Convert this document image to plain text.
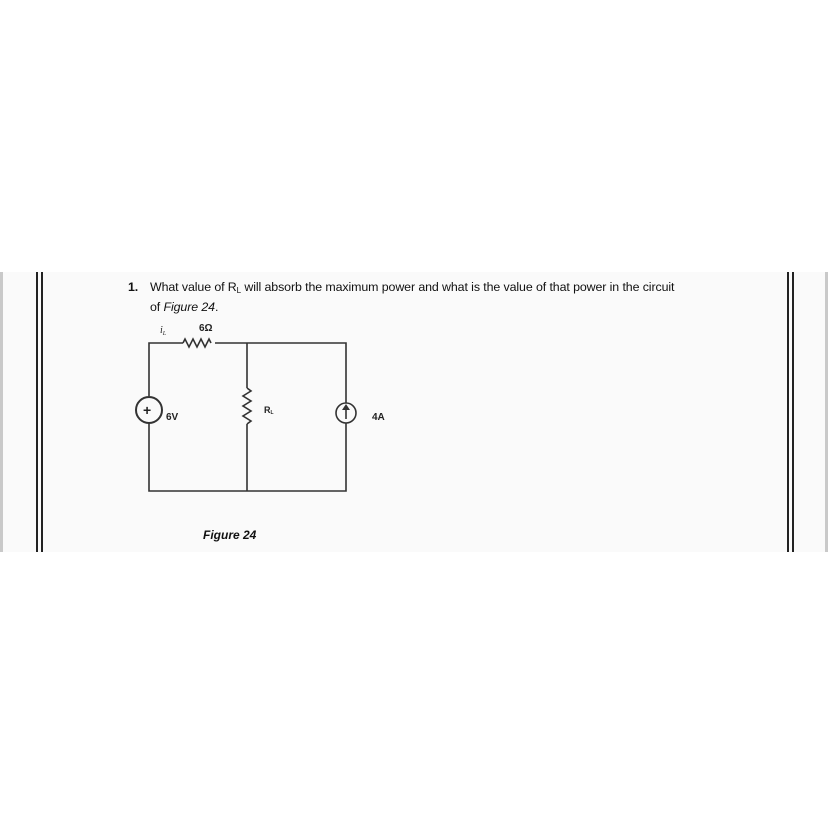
1. What value of $R_L$ will absorb the maximum power and what is the value of that power in the circuit
of Figure 24.
$i_L$	6Ω
+ 6V
RL	4A
Figure 24
